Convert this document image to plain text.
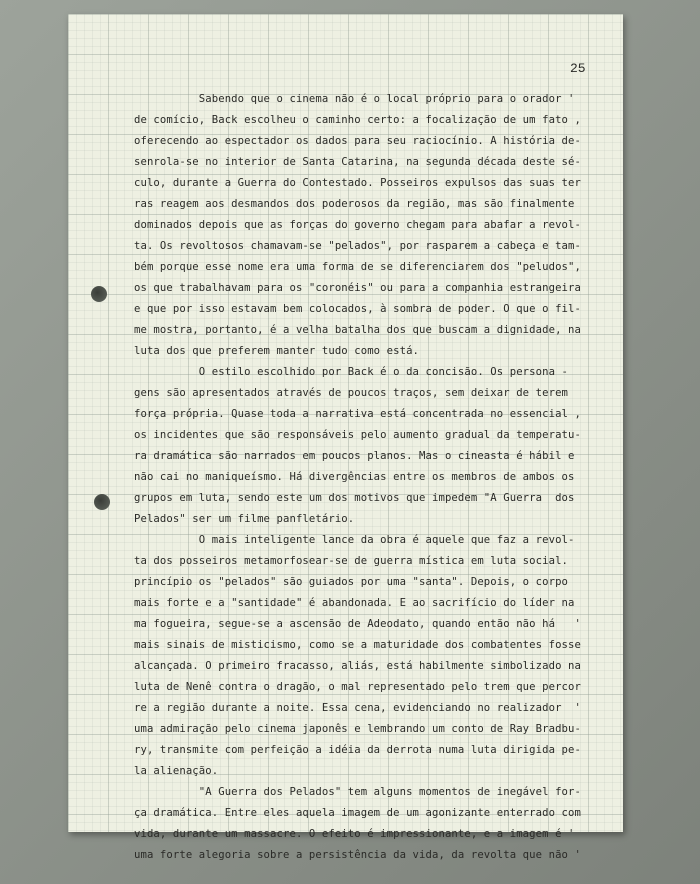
25
Sabendo que o cinema não é o local próprio para o orador '
de comício, Back escolheu o caminho certo: a focalização de um fato ,
oferecendo ao espectador os dados para seu raciocínio. A história de-
senrola-se no interior de Santa Catarina, na segunda década deste sé-
culo, durante a Guerra do Contestado. Posseiros expulsos das suas ter
ras reagem aos desmandos dos poderosos da região, mas são finalmente
dominados depois que as forças do governo chegam para abafar a revol-
ta. Os revoltosos chamavam-se "pelados", por rasparem a cabeça e tam-
bém porque esse nome era uma forma de se diferenciarem dos "peludos",
os que trabalhavam para os "coronéis" ou para a companhia estrangeira
e que por isso estavam bem colocados, à sombra de poder. O que o fil-
me mostra, portanto, é a velha batalha dos que buscam a dignidade, na
luta dos que preferem manter tudo como está.
O estilo escolhido por Back é o da concisão. Os persona -
gens são apresentados através de poucos traços, sem deixar de terem
força própria. Quase toda a narrativa está concentrada no essencial ,
os incidentes que são responsáveis pelo aumento gradual da temperatu-
ra dramática são narrados em poucos planos. Mas o cineasta é hábil e
não cai no maniqueísmo. Há divergências entre os membros de ambos os
grupos em luta, sendo este um dos motivos que impedem "A Guerra  dos
Pelados" ser um filme panfletário.
O mais inteligente lance da obra é aquele que faz a revol-
ta dos posseiros metamorfosear-se de guerra mística em luta social.
princípio os "pelados" são guiados por uma "santa". Depois, o corpo
mais forte e a "santidade" é abandonada. E ao sacrifício do líder na
ma fogueira, segue-se a ascensão de Adeodato, quando então não há   '
mais sinais de misticismo, como se a maturidade dos combatentes fosse
alcançada. O primeiro fracasso, aliás, está habilmente simbolizado na
luta de Nenê contra o dragão, o mal representado pelo trem que percor
re a região durante a noite. Essa cena, evidenciando no realizador  '
uma admiração pelo cinema japonês e lembrando um conto de Ray Bradbu-
ry, transmite com perfeição a idéia da derrota numa luta dirigida pe-
la alienação.
"A Guerra dos Pelados" tem alguns momentos de inegável for-
ça dramática. Entre eles aquela imagem de um agonizante enterrado com
vida, durante um massacre. O efeito é impressionante, e a imagem é '
uma forte alegoria sobre a persistência da vida, da revolta que não '
